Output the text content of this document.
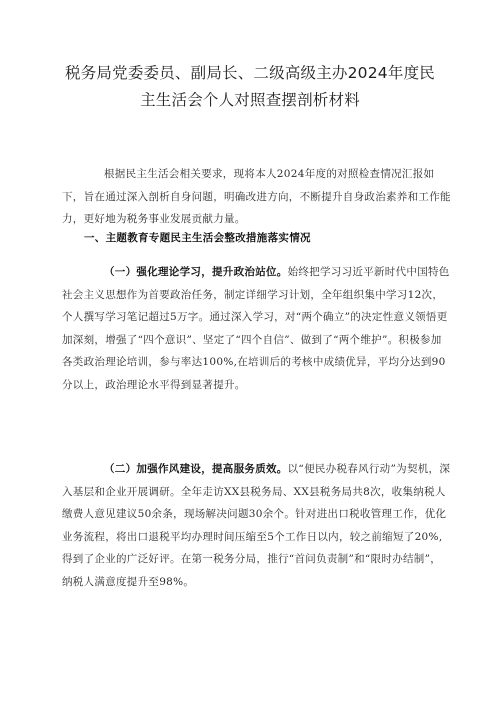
税务局党委委员、副局长、二级高级主办2024年度民
主生活会个人对照查摆剖析材料

根据民主生活会相关要求，现将本人2024年度的对照检查情况汇报如下，旨在通过深入剖析自身问题，明确改进方向，不断提升自身政治素养和工作能力，更好地为税务事业发展贡献力量。

一、主题教育专题民主生活会整改措施落实情况

（一）强化理论学习，提升政治站位。始终把学习习近平新时代中国特色社会主义思想作为首要政治任务，制定详细学习计划，全年组织集中学习12次，个人撰写学习笔记超过5万字。通过深入学习，对“两个确立”的决定性意义领悟更加深刻，增强了“四个意识”、坚定了“四个自信”、做到了“两个维护”。积极参加各类政治理论培训，参与率达100%,在培训后的考核中成绩优异，平均分达到90分以上，政治理论水平得到显著提升。

（二）加强作风建设，提高服务质效。以“便民办税春风行动”为契机，深入基层和企业开展调研。全年走访XX县税务局、XX县税务局共8次，收集纳税人缴费人意见建议50余条，现场解决问题30余个。针对进出口税收管理工作，优化业务流程，将出口退税平均办理时间压缩至5个工作日以内，较之前缩短了20%,得到了企业的广泛好评。在第一税务分局，推行“首问负责制”和“限时办结制”，
纳税人满意度提升至98%。
